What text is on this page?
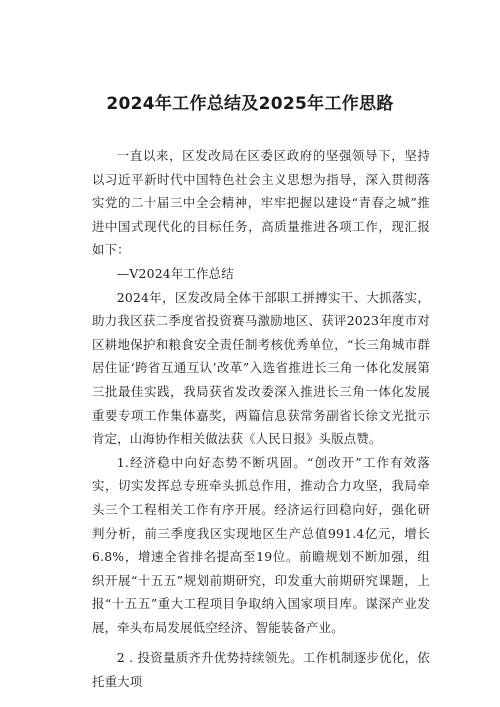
2024年工作总结及2025年工作思路

一直以来，区发改局在区委区政府的坚强领导下，坚持以习近平新时代中国特色社会主义思想为指导，深入贯彻落实党的二十届三中全会精神，牢牢把握以建设“青春之城”推进中国式现代化的目标任务，高质量推进各项工作，现汇报如下：

—V2024年工作总结

2024年，区发改局全体干部职工拼搏实干、大抓落实，助力我区获二季度省投资赛马激励地区、获评2023年度市对区耕地保护和粮食安全责任制考核优秀单位，“长三角城市群居住证‘跨省互通互认’改革”入选省推进长三角一体化发展第三批最佳实践，我局获省发改委深入推进长三角一体化发展重要专项工作集体嘉奖，两篇信息获常务副省长徐文光批示肯定，山海协作相关做法获《人民日报》头版点赞。

1.经济稳中向好态势不断巩固。“创改开”工作有效落实，切实发挥总专班牵头抓总作用，推动合力攻坚，我局牵头三个工程相关工作有序开展。经济运行回稳向好，强化研判分析，前三季度我区实现地区生产总值991.4亿元，增长6.8%，增速全省排名提高至19位。前瞻规划不断加强，组织开展“十五五”规划前期研究，印发重大前期研究课题，上报“十五五”重大工程项目争取纳入国家项目库。谋深产业发展，牵头布局发展低空经济、智能装备产业。

2 . 投资量质齐升优势持续领先。工作机制逐步优化，依托重大项
